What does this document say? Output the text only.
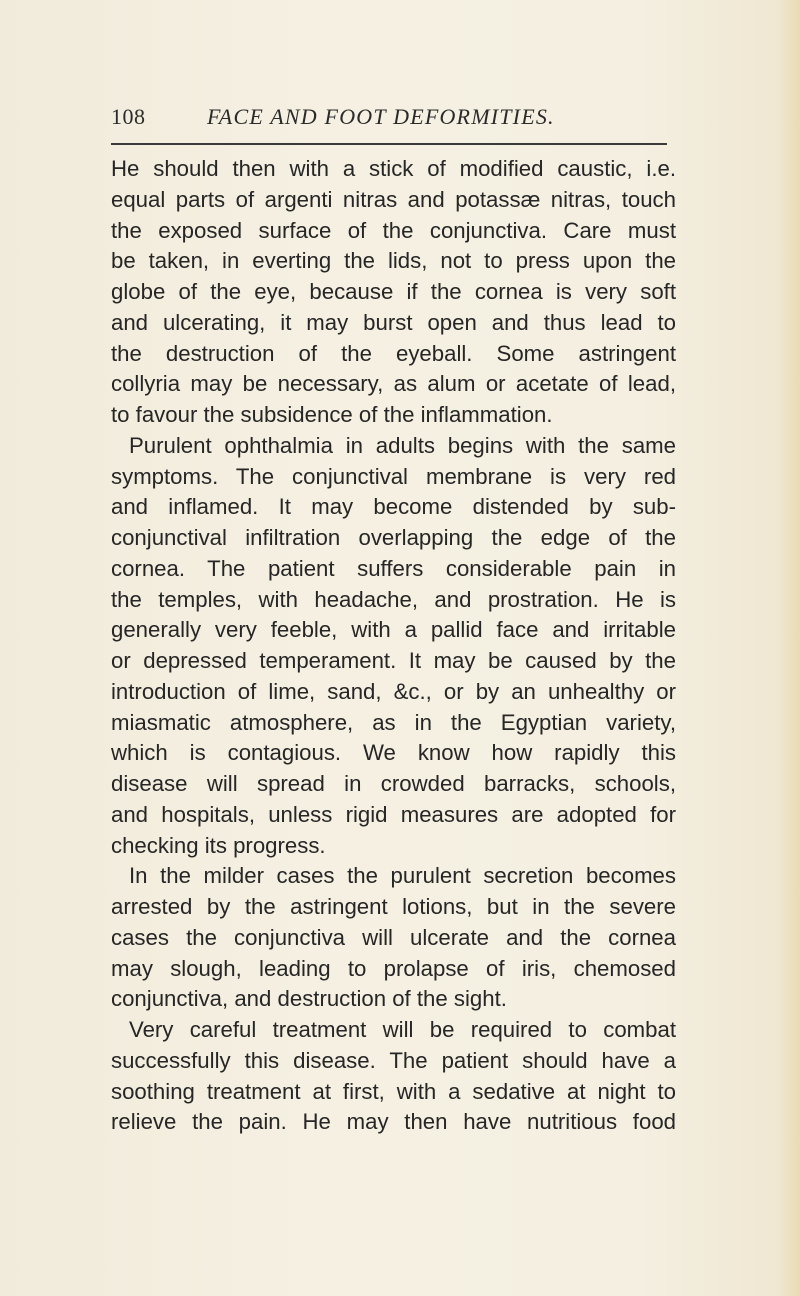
108	FACE AND FOOT DEFORMITIES.
He should then with a stick of modified caustic, i.e.
equal parts of argenti nitras and potassæ nitras, touch
the exposed surface of the conjunctiva. Care must
be taken, in everting the lids, not to press upon the
globe of the eye, because if the cornea is very soft
and ulcerating, it may burst open and thus lead to
the destruction of the eyeball. Some astringent
collyria may be necessary, as alum or acetate of lead,
to favour the subsidence of the inflammation.
Purulent ophthalmia in adults begins with the same
symptoms. The conjunctival membrane is very red
and inflamed. It may become distended by sub-
conjunctival infiltration overlapping the edge of the
cornea. The patient suffers considerable pain in
the temples, with headache, and prostration. He is
generally very feeble, with a pallid face and irritable
or depressed temperament. It may be caused by the
introduction of lime, sand, &c., or by an unhealthy or
miasmatic atmosphere, as in the Egyptian variety,
which is contagious. We know how rapidly this
disease will spread in crowded barracks, schools,
and hospitals, unless rigid measures are adopted for
checking its progress.
In the milder cases the purulent secretion becomes
arrested by the astringent lotions, but in the severe
cases the conjunctiva will ulcerate and the cornea
may slough, leading to prolapse of iris, chemosed
conjunctiva, and destruction of the sight.
Very careful treatment will be required to combat
successfully this disease. The patient should have a
soothing treatment at first, with a sedative at night to
relieve the pain. He may then have nutritious food
